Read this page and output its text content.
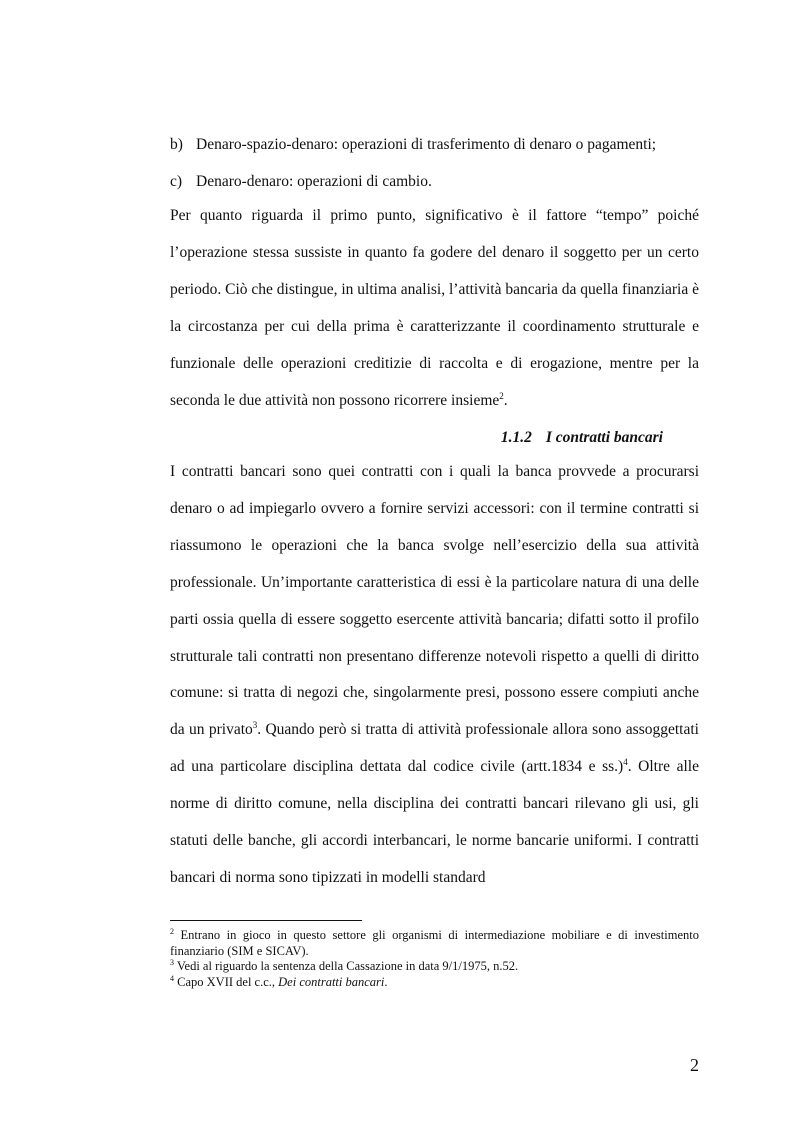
b) Denaro-spazio-denaro: operazioni di trasferimento di denaro o pagamenti;
c) Denaro-denaro: operazioni di cambio.

Per quanto riguarda il primo punto, significativo è il fattore “tempo” poiché l’operazione stessa sussiste in quanto fa godere del denaro il soggetto per un certo periodo. Ciò che distingue, in ultima analisi, l’attività bancaria da quella finanziaria è la circostanza per cui della prima è caratterizzante il coordinamento strutturale e funzionale delle operazioni creditizie di raccolta e di erogazione, mentre per la seconda le due attività non possono ricorrere insieme$^2$.

1.1.2 I contratti bancari

I contratti bancari sono quei contratti con i quali la banca provvede a procurarsi denaro o ad impiegarlo ovvero a fornire servizi accessori: con il termine contratti si riassumono le operazioni che la banca svolge nell’esercizio della sua attività professionale. Un’importante caratteristica di essi è la particolare natura di una delle parti ossia quella di essere soggetto esercente attività bancaria; difatti sotto il profilo strutturale tali contratti non presentano differenze notevoli rispetto a quelli di diritto comune: si tratta di negozi che, singolarmente presi, possono essere compiuti anche da un privato$^3$. Quando però si tratta di attività professionale allora sono assoggettati ad una particolare disciplina dettata dal codice civile (artt.1834 e ss.)$^4$. Oltre alle norme di diritto comune, nella disciplina dei contratti bancari rilevano gli usi, gli statuti delle banche, gli accordi interbancari, le norme bancarie uniformi. I contratti bancari di norma sono tipizzati in modelli standard

$^2$ Entrano in gioco in questo settore gli organismi di intermediazione mobiliare e di investimento finanziario (SIM e SICAV).

$^3$ Vedi al riguardo la sentenza della Cassazione in data 9/1/1975, n.52.

$^4$ Capo XVII del c.c., Dei contratti bancari.

2
